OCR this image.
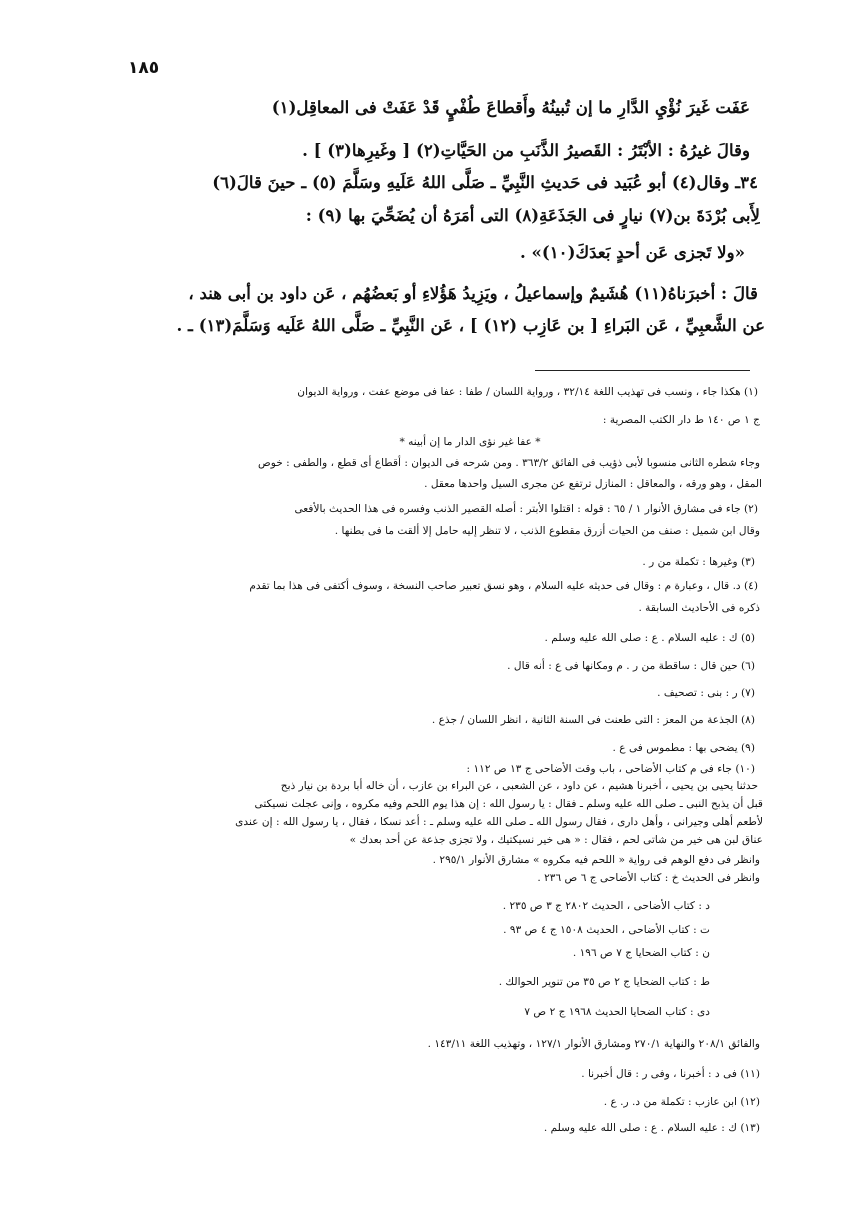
١٨٥
عَفَت غَيرَ نُؤْيِ الدَّارِ ما إن تُبينُهُ وأَقطاعَ طُفْيٍ قَدْ عَفَتْ فى المعاقِل(١)
وقالَ غيرُهُ : الأبْتَرُ : القَصيرُ الذَّنَبِ من الحَيَّاتِ(٢) [ وغَيرِها(٣) ] .
٣٤ـ وقال(٤) أبو عُبَيد فى حَديثِ النَّبِيِّ ـ صَلَّى اللهُ عَلَيهِ وسَلَّمَ (٥) ـ حينَ قالَ(٦)
لِأَبى بُرْدَةَ بن(٧) نيارٍ فى الجَذَعَةِ(٨) التى أمَرَهُ أن يُضَحِّيَ بها (٩) :
«ولا تَجزى عَن أحدٍ بَعدَكَ(١٠)» .
قالَ : أخبرَناهُ(١١) هُشَيمٌ وإسماعيلُ ، ويَزِيدُ هَؤُلاءِ أو بَعضُهُم ، عَن داود بن أبى هند ،
عن الشَّعبِيِّ ، عَن البَراءِ [ بن عَازِب (١٢) ] ، عَن النَّبِيِّ ـ صَلَّى اللهُ عَلَيه وَسَلَّمَ(١٣) ـ .
(١) هكذا جاء ، ونسب فى تهذيب اللغة ٣٢/١٤ ، ورواية اللسان / طفا : عفا فى موضع عفت ، ورواية الديوان
ج ١ ص ١٤٠ ط دار الكتب المصرية :
* عفا غير نؤى الدار ما إن أبينه *
وجاء شطره الثانى منسوبا لأبى ذؤيب فى الفائق ٣٦٣/٢ . ومن شرحه فى الديوان : أقطاع أى قطع ، والطفى : خوص
المقل ، وهو ورقه ، والمعاقل : المنازل ترتفع عن مجرى السيل واحدها معقل .
(٢) جاء فى مشارق الأنوار ١ / ٦٥ : قوله : اقتلوا الأبتر : أصله القصير الذنب وفسره فى هذا الحديث بالأفعى
وقال ابن شميل : صنف من الحيات أزرق مقطوع الذنب ، لا تنظر إليه حامل إلا ألقت ما فى بطنها .
(٣) وغيرها : تكملة من ر .
(٤) د. قال ، وعبارة م : وقال فى حديثه عليه السلام ، وهو نسق تعبير صاحب النسخة ، وسوف أكتفى فى هذا بما تقدم
ذكره فى الأحاديث السابقة .
(٥) ك : عليه السلام . ع : صلى الله عليه وسلم .
(٦) حين قال : ساقطة من ر . م ومكانها فى ع : أنه قال .
(٧) ر : بنى : تصحيف .
(٨) الجذعة من المعز : التى طعنت فى السنة الثانية ، انظر اللسان / جذع .
(٩) يضحى بها : مطموس فى ع .
(١٠) جاء فى م كتاب الأضاحى ، باب وقت الأضاحى ج ١٣ ص ١١٢ :
حدثنا يحيى بن يحيى ، أخبرنا هشيم ، عن داود ، عن الشعبى ، عن البراء بن عازب ، أن خاله أبا بردة بن نيار ذبح
قبل أن يذبح النبى ـ صلى الله عليه وسلم ـ فقال : يا رسول الله : إن هذا يوم اللحم وفيه مكروه ، وإنى عجلت نسيكتى
لأطعم أهلى وجيرانى ، وأهل دارى ، فقال رسول الله ـ صلى الله عليه وسلم ـ : أعد نسكا ، فقال ، يا رسول الله : إن عندى
عناق لبن هى خير من شاتى لحم ، فقال : « هى خير نسيكتيك ، ولا تجزى جذعة عن أحد بعدك »
وانظر فى دفع الوهم فى رواية « اللحم فيه مكروه » مشارق الأنوار ٢٩٥/١ .
وانظر فى الحديث خ : كتاب الأضاحى ج ٦ ص ٢٣٦ .
د : كتاب الأضاحى ، الحديث ٢٨٠٢ ج ٣ ص ٢٣٥ .
ت : كتاب الأضاحى ، الحديث ١٥٠٨ ج ٤ ص ٩٣ .
ن : كتاب الضحايا ج ٧ ص ١٩٦ .
ط : كتاب الضحايا ج ٢ ص ٣٥ من تنوير الحوالك .
دى : كتاب الضحايا الحديث ١٩٦٨ ج ٢ ص ٧
والفائق ٢٠٨/١ والنهاية ٢٧٠/١ ومشارق الأنوار ١٢٧/١ ، وتهذيب اللغة ١٤٣/١١ .
(١١) فى د : أخبرنا ، وفى ر : قال أخبرنا .
(١٢) ابن عازب : تكملة من د. ر. ع .
(١٣) ك : عليه السلام . ع : صلى الله عليه وسلم .
